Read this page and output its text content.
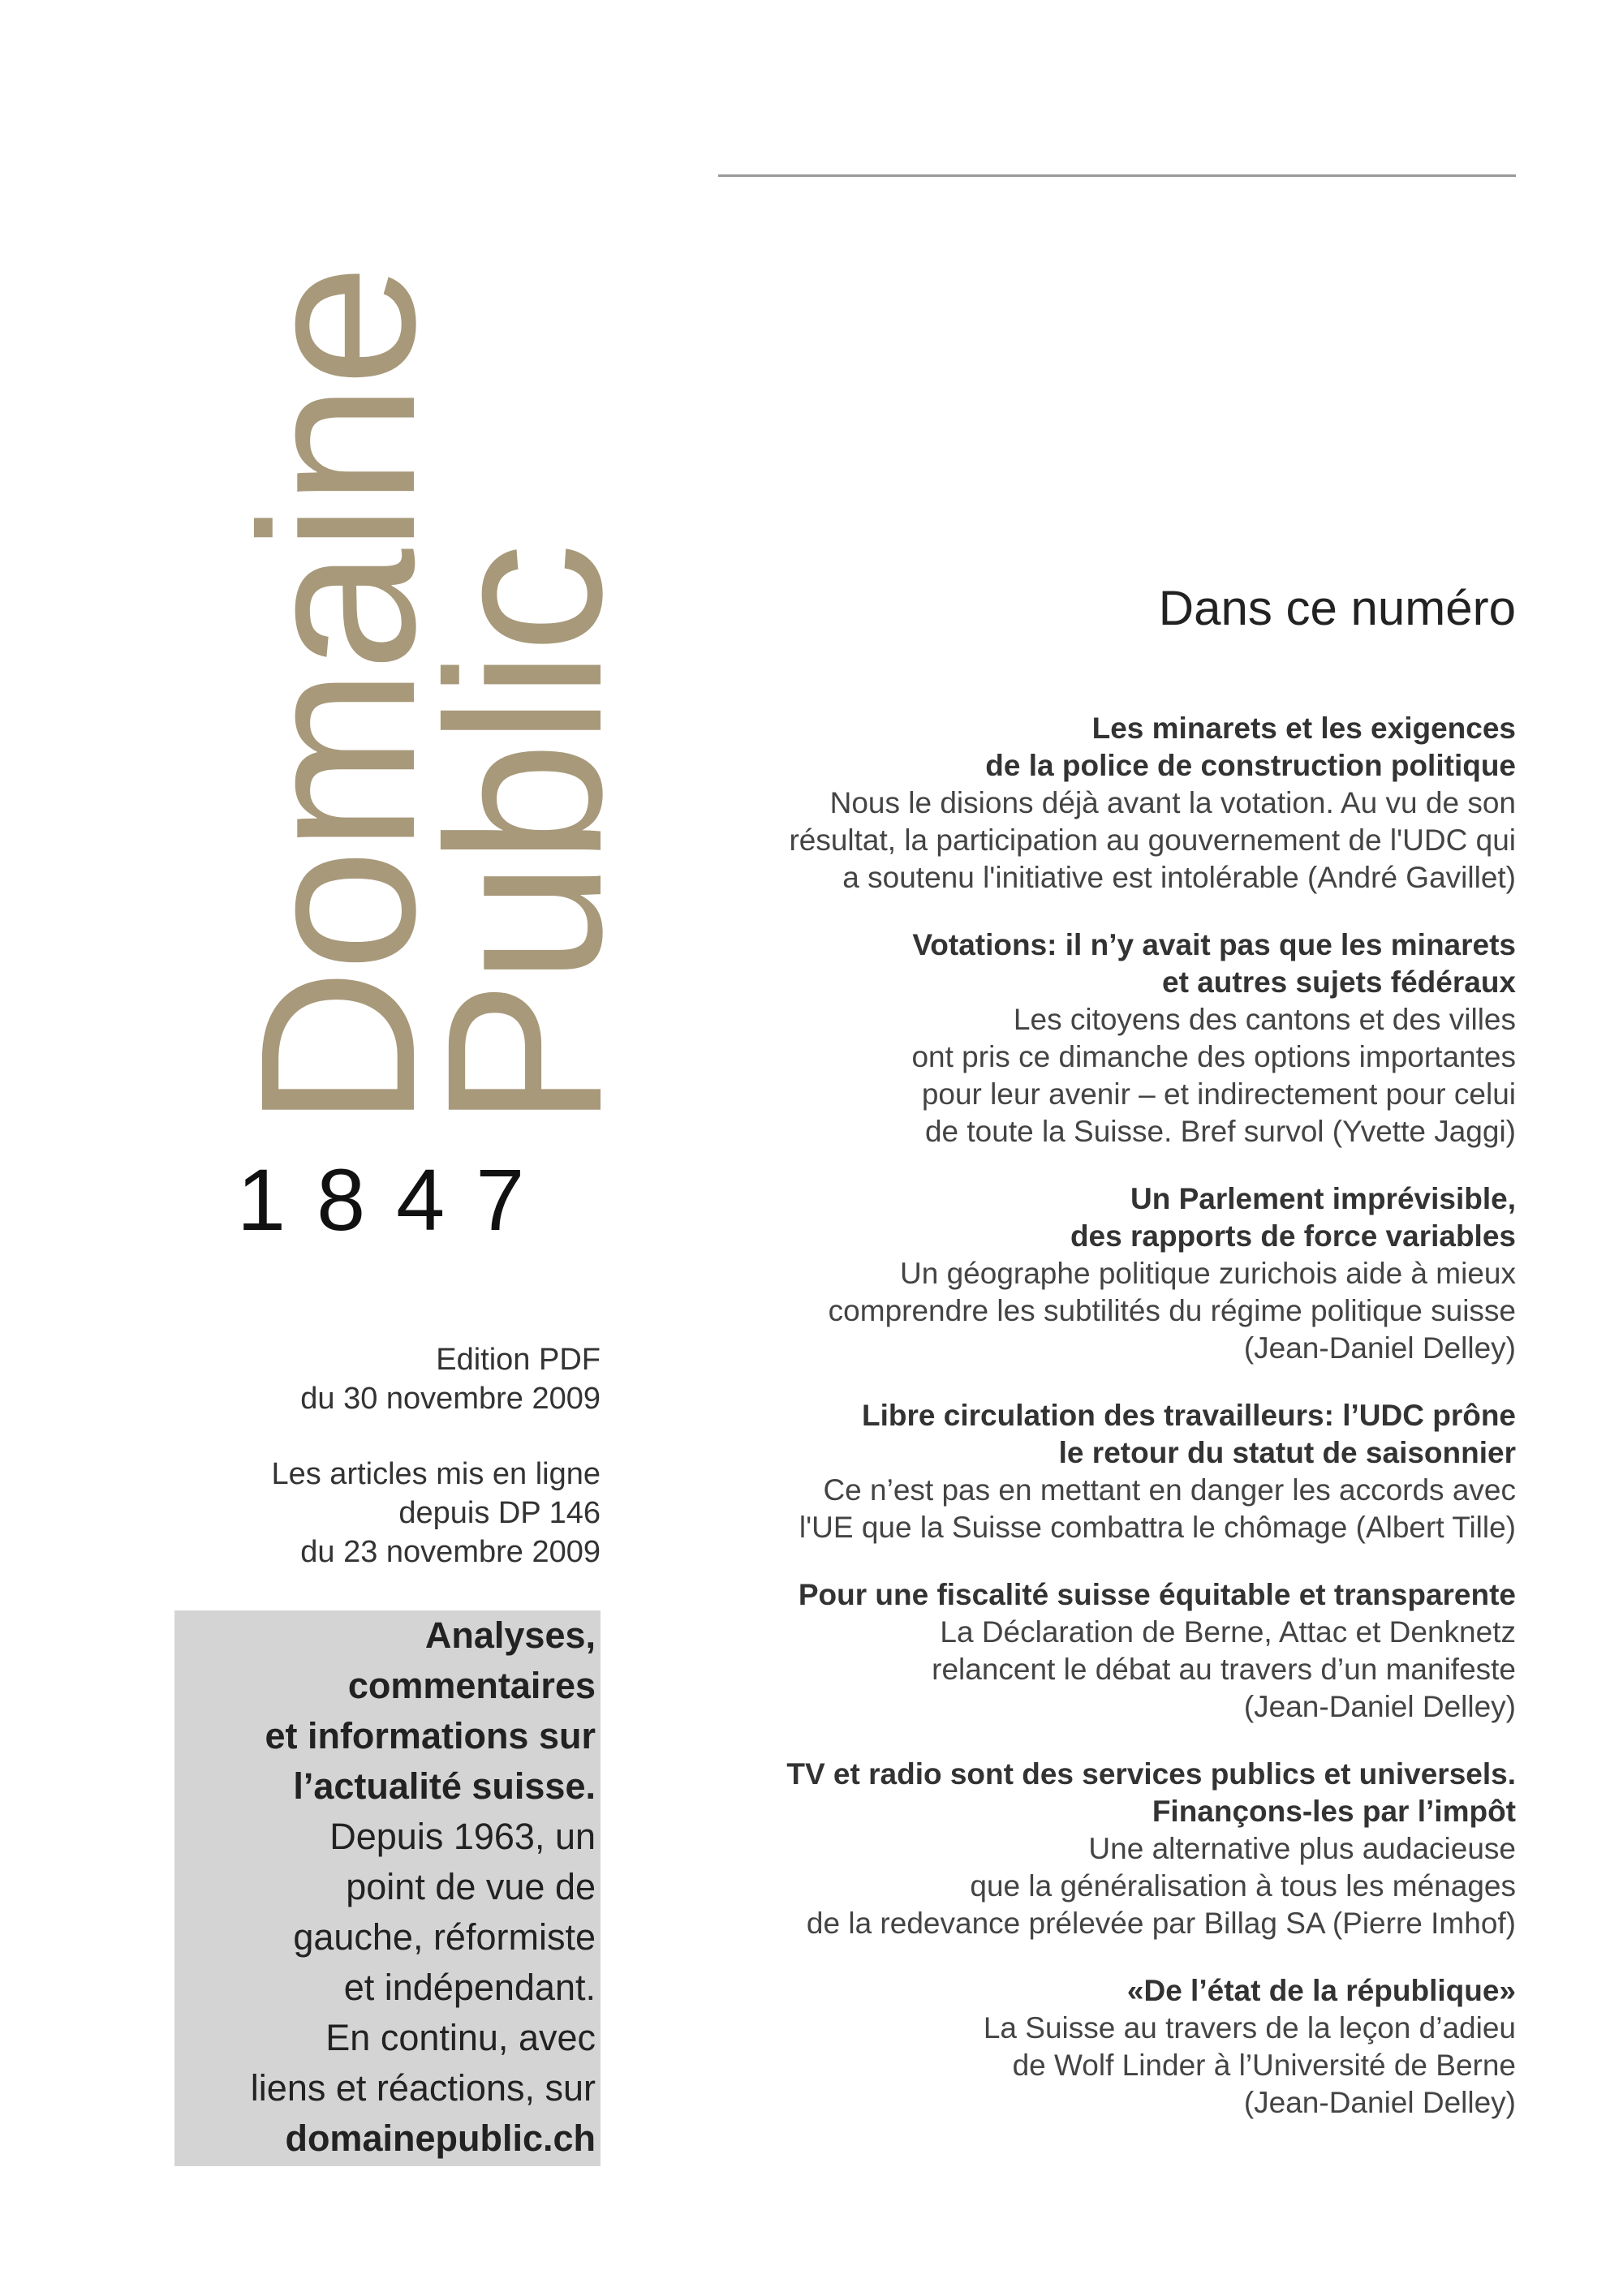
Domaine
Public
1847
Edition PDF
du 30 novembre 2009
Les articles mis en ligne
depuis DP 146
du 23 novembre 2009
Analyses,
commentaires
et informations sur
l’actualité suisse.
Depuis 1963, un
point de vue de
gauche, réformiste
et indépendant.
En continu, avec
liens et réactions, sur
domainepublic.ch
Dans ce numéro
Les minarets et les exigences
de la police de construction politique
Nous le disions déjà avant la votation. Au vu de son
résultat, la participation au gouvernement de l'UDC qui
a soutenu l'initiative est intolérable (André Gavillet)
Votations: il n’y avait pas que les minarets
et autres sujets fédéraux
Les citoyens des cantons et des villes
ont pris ce dimanche des options importantes
pour leur avenir – et indirectement pour celui
de toute la Suisse. Bref survol (Yvette Jaggi)
Un Parlement imprévisible,
des rapports de force variables
Un géographe politique zurichois aide à mieux
comprendre les subtilités du régime politique suisse
(Jean-Daniel Delley)
Libre circulation des travailleurs: l’UDC prône
le retour du statut de saisonnier
Ce n’est pas en mettant en danger les accords avec
l'UE que la Suisse combattra le chômage (Albert Tille)
Pour une fiscalité suisse équitable et transparente
La Déclaration de Berne, Attac et Denknetz
relancent le débat au travers d’un manifeste
(Jean-Daniel Delley)
TV et radio sont des services publics et universels.
Finançons-les par l’impôt
Une alternative plus audacieuse
que la généralisation à tous les ménages
de la redevance prélevée par Billag SA (Pierre Imhof)
«De l’état de la république»
La Suisse au travers de la leçon d’adieu
de Wolf Linder à l’Université de Berne
(Jean-Daniel Delley)
